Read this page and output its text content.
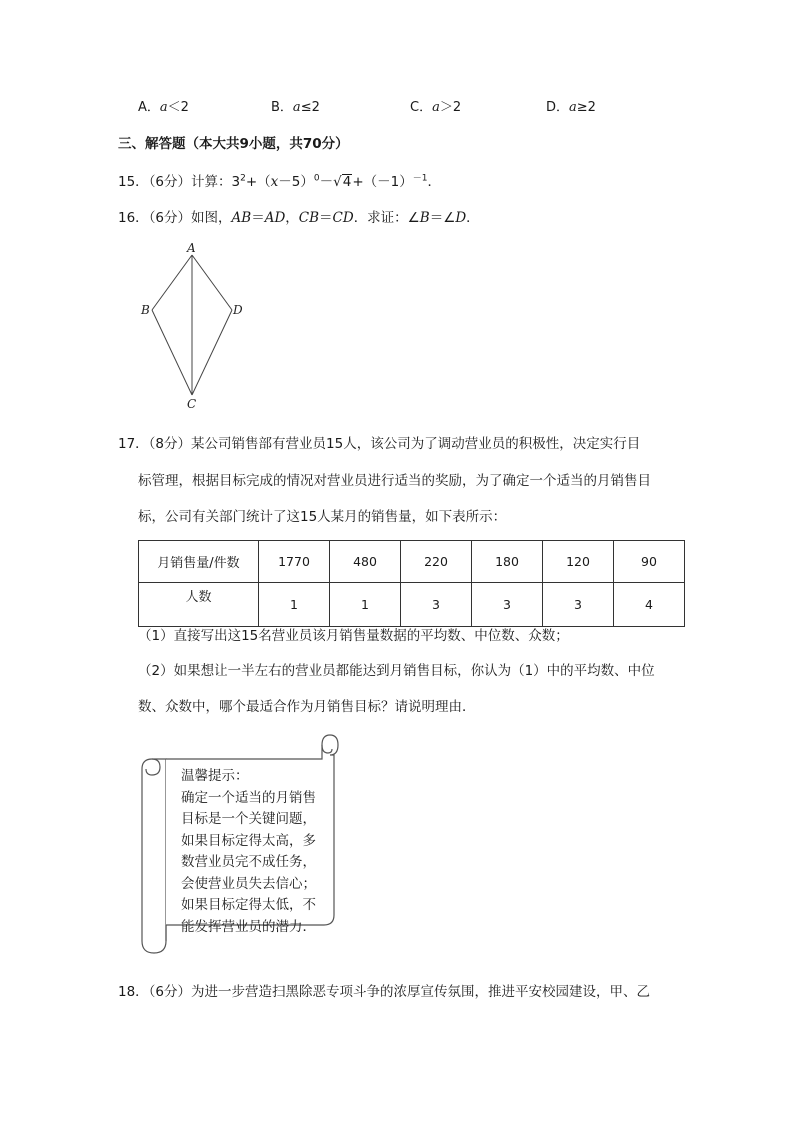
A．a＜2	B．a≤2	C．a＞2	D．a≥2
三、解答题（本大共9小题，共70分）
15．（6分）计算：$3^2+(x-5)^0-√4+(-1)^{-1}$．
16．（6分）如图，AB＝AD，CB＝CD．求证：∠B＝∠D．
A
B	D
C
17．（8分）某公司销售部有营业员15人，该公司为了调动营业员的积极性，决定实行目
标管理，根据目标完成的情况对营业员进行适当的奖励，为了确定一个适当的月销售目
标，公司有关部门统计了这15人某月的销售量，如下表所示：
月销售量/件数	1770	480	220	180	120	90
人数	1	1	3	3	3	4
（1）直接写出这15名营业员该月销售量数据的平均数、中位数、众数；
（2）如果想让一半左右的营业员都能达到月销售目标，你认为（1）中的平均数、中位
数、众数中，哪个最适合作为月销售目标？请说明理由．
温馨提示：
确定一个适当的月销售
目标是一个关键问题，
如果目标定得太高，多
数营业员完不成任务，
会使营业员失去信心；
如果目标定得太低，不
能发挥营业员的潜力．
18．（6分）为进一步营造扫黑除恶专项斗争的浓厚宣传氛围，推进平安校园建设，甲、乙
